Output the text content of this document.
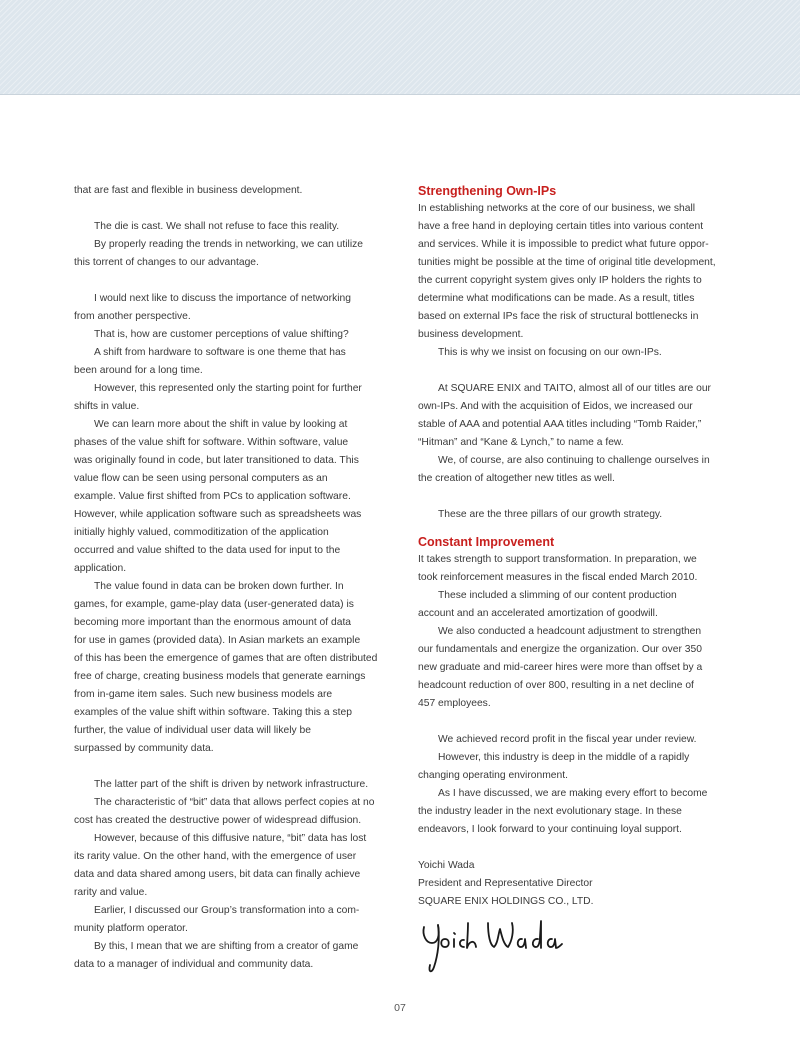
that are fast and flexible in business development.

The die is cast. We shall not refuse to face this reality.

By properly reading the trends in networking, we can utilize

this torrent of changes to our advantage.

I would next like to discuss the importance of networking

from another perspective.

That is, how are customer perceptions of value shifting?

A shift from hardware to software is one theme that has

been around for a long time.

However, this represented only the starting point for further

shifts in value.

We can learn more about the shift in value by looking at

phases of the value shift for software. Within software, value

was originally found in code, but later transitioned to data. This

value flow can be seen using personal computers as an

example. Value first shifted from PCs to application software.

However, while application software such as spreadsheets was

initially highly valued, commoditization of the application

occurred and value shifted to the data used for input to the

application.

The value found in data can be broken down further. In

games, for example, game-play data (user-generated data) is

becoming more important than the enormous amount of data

for use in games (provided data). In Asian markets an example

of this has been the emergence of games that are often distributed

free of charge, creating business models that generate earnings

from in-game item sales. Such new business models are

examples of the value shift within software. Taking this a step

further, the value of individual user data will likely be

surpassed by community data.

The latter part of the shift is driven by network infrastructure.

The characteristic of “bit” data that allows perfect copies at no

cost has created the destructive power of widespread diffusion.

However, because of this diffusive nature, “bit” data has lost

its rarity value. On the other hand, with the emergence of user

data and data shared among users, bit data can finally achieve

rarity and value.

Earlier, I discussed our Group’s transformation into a com-

munity platform operator.

By this, I mean that we are shifting from a creator of game

data to a manager of individual and community data.

Strengthening Own-IPs

In establishing networks at the core of our business, we shall

have a free hand in deploying certain titles into various content

and services. While it is impossible to predict what future oppor-

tunities might be possible at the time of original title development,

the current copyright system gives only IP holders the rights to

determine what modifications can be made. As a result, titles

based on external IPs face the risk of structural bottlenecks in

business development.

This is why we insist on focusing on our own-IPs.

At SQUARE ENIX and TAITO, almost all of our titles are our

own-IPs. And with the acquisition of Eidos, we increased our

stable of AAA and potential AAA titles including “Tomb Raider,”

“Hitman” and “Kane & Lynch,” to name a few.

We, of course, are also continuing to challenge ourselves in

the creation of altogether new titles as well.

These are the three pillars of our growth strategy.

Constant Improvement

It takes strength to support transformation. In preparation, we

took reinforcement measures in the fiscal ended March 2010.

These included a slimming of our content production

account and an accelerated amortization of goodwill.

We also conducted a headcount adjustment to strengthen

our fundamentals and energize the organization. Our over 350

new graduate and mid-career hires were more than offset by a

headcount reduction of over 800, resulting in a net decline of

457 employees.

We achieved record profit in the fiscal year under review.

However, this industry is deep in the middle of a rapidly

changing operating environment.

As I have discussed, we are making every effort to become

the industry leader in the next evolutionary stage. In these

endeavors, I look forward to your continuing loyal support.

Yoichi Wada

President and Representative Director

SQUARE ENIX HOLDINGS CO., LTD.

07
